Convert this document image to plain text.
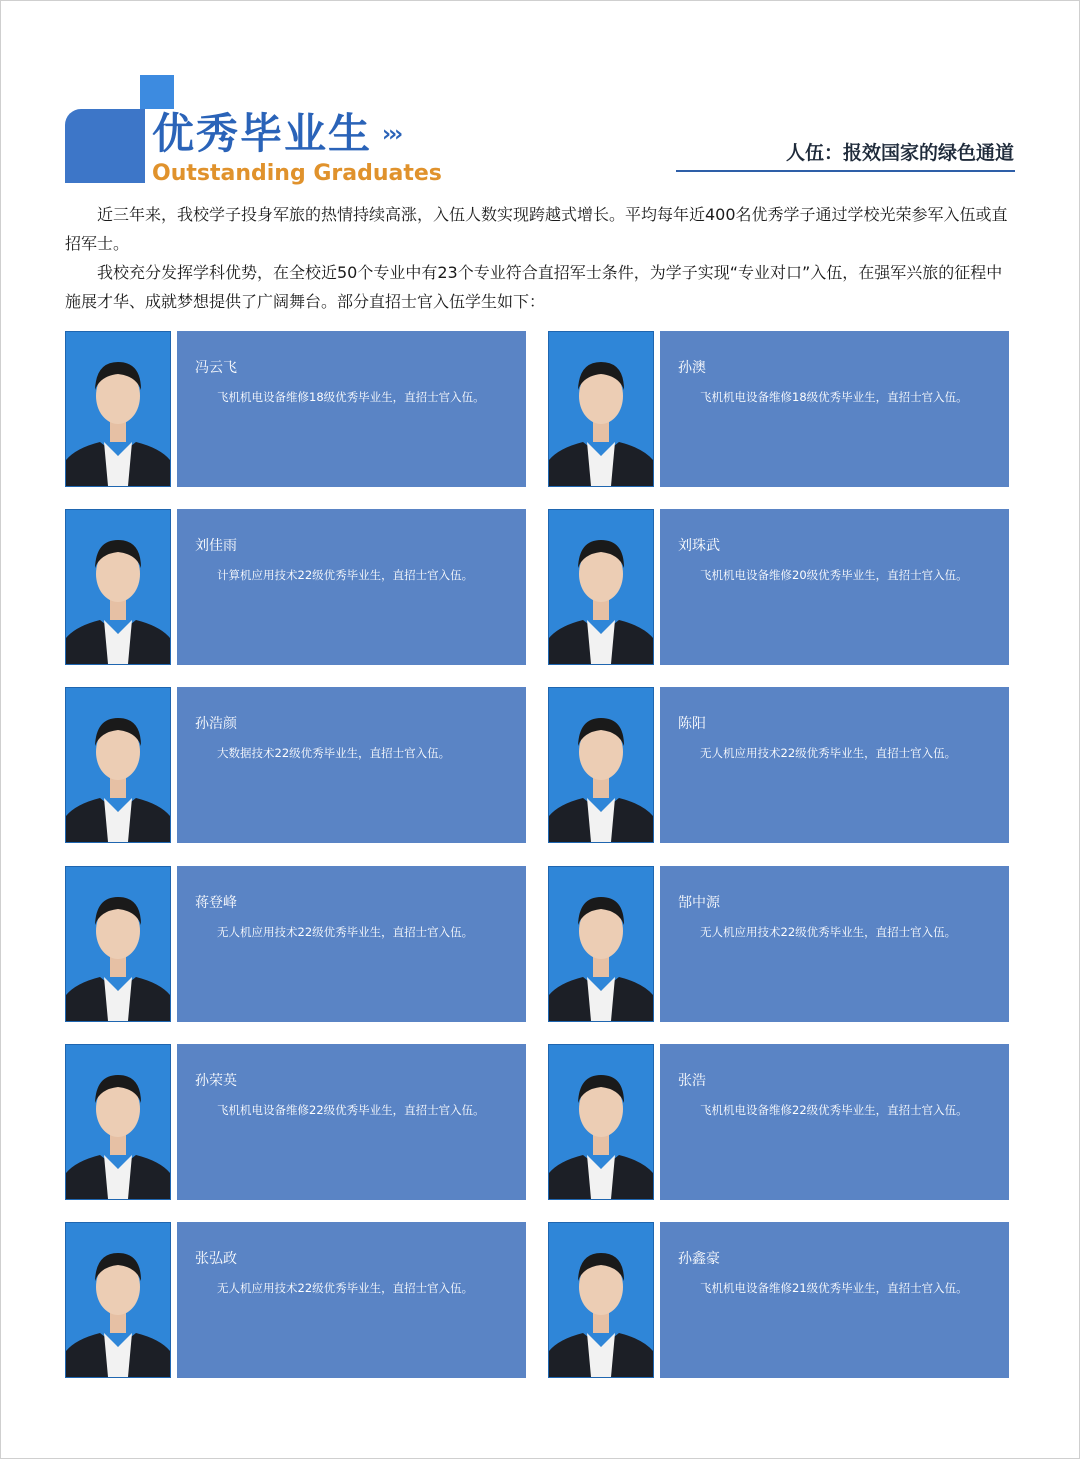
优秀毕业生 ›››
Outstanding Graduates
人伍：报效国家的绿色通道

近三年来，我校学子投身军旅的热情持续高涨，入伍人数实现跨越式增长。平均每年近400名优秀学子通过学校光荣参军入伍或直招军士。

我校充分发挥学科优势，在全校近50个专业中有23个专业符合直招军士条件，为学子实现“专业对口”入伍，在强军兴旅的征程中施展才华、成就梦想提供了广阔舞台。部分直招士官入伍学生如下：

冯云飞
飞机机电设备维修18级优秀毕业生，直招士官入伍。
孙澳
飞机机电设备维修18级优秀毕业生，直招士官入伍。
刘佳雨
计算机应用技术22级优秀毕业生，直招士官入伍。
刘珠武
飞机机电设备维修20级优秀毕业生，直招士官入伍。
孙浩颜
大数据技术22级优秀毕业生，直招士官入伍。
陈阳
无人机应用技术22级优秀毕业生，直招士官入伍。
蒋登峰
无人机应用技术22级优秀毕业生，直招士官入伍。
郜中源
无人机应用技术22级优秀毕业生，直招士官入伍。
孙荣英
飞机机电设备维修22级优秀毕业生，直招士官入伍。
张浩
飞机机电设备维修22级优秀毕业生，直招士官入伍。
张弘政
无人机应用技术22级优秀毕业生，直招士官入伍。
孙鑫豪
飞机机电设备维修21级优秀毕业生，直招士官入伍。
